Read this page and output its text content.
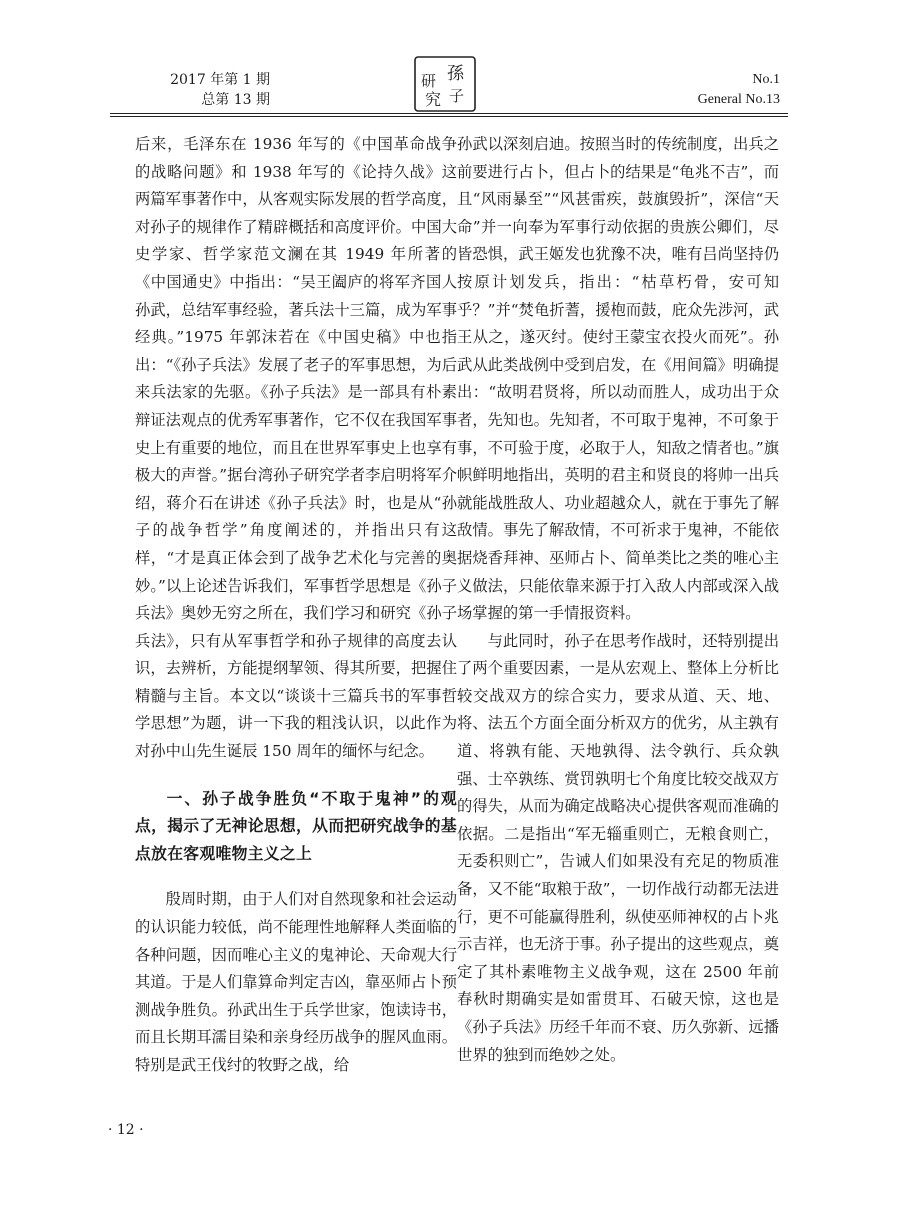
2017 年第 1 期
总第 13 期
孫
研
子
究
No.1
General No.13

后来，毛泽东在 1936 年写的《中国革命战争的战略问题》和 1938 年写的《论持久战》这两篇军事著作中，从客观实际发展的哲学高度，对孙子的规律作了精辟概括和高度评价。中国大史学家、哲学家范文澜在其 1949 年所著的《中国通史》中指出：“吴王阖庐的将军齐国人孙武，总结军事经验，著兵法十三篇，成为军事经典。”1975 年郭沫若在《中国史稿》中也指出：“《孙子兵法》发展了老子的军事思想，为后来兵法家的先驱。《孙子兵法》是一部具有朴素辩证法观点的优秀军事著作，它不仅在我国军事史上有重要的地位，而且在世界军事史上也享有极大的声誉。”据台湾孙子研究学者李启明将军介绍，蒋介石在讲述《孙子兵法》时，也是从“孙子的战争哲学”角度阐述的，并指出只有这样，“才是真正体会到了战争艺术化与完善的奥妙。”以上论述告诉我们，军事哲学思想是《孙子兵法》奥妙无穷之所在，我们学习和研究《孙子兵法》，只有从军事哲学和孙子规律的高度去认识，去辨析，方能提纲挈领、得其所要，把握住精髓与主旨。本文以“谈谈十三篇兵书的军事哲学思想”为题，讲一下我的粗浅认识，以此作为对孙中山先生诞辰 150 周年的缅怀与纪念。

一、孙子战争胜负“不取于鬼神”的观点，揭示了无神论思想，从而把研究战争的基点放在客观唯物主义之上

殷周时期，由于人们对自然现象和社会运动的认识能力较低，尚不能理性地解释人类面临的各种问题，因而唯心主义的鬼神论、天命观大行其道。于是人们靠算命判定吉凶，靠巫师占卜预测战争胜负。孙武出生于兵学世家，饱读诗书，而且长期耳濡目染和亲身经历战争的腥风血雨。特别是武王伐纣的牧野之战，给

孙武以深刻启迪。按照当时的传统制度，出兵之前要进行占卜，但占卜的结果是“龟兆不吉”，而且“风雨暴至”“风甚雷疾，鼓旗毁折”，深信“天命”并一向奉为军事行动依据的贵族公卿们，尽皆恐惧，武王姬发也犹豫不决，唯有吕尚坚持仍按原计划发兵，指出：“枯草朽骨，安可知乎？”并“焚龟折蓍，援枹而鼓，庇众先涉河，武王从之，遂灭纣。使纣王蒙宝衣投火而死”。孙武从此类战例中受到启发，在《用间篇》明确提出：“故明君贤将，所以动而胜人，成功出于众者，先知也。先知者，不可取于鬼神，不可象于事，不可验于度，必取于人，知敌之情者也。”旗帜鲜明地指出，英明的君主和贤良的将帅一出兵就能战胜敌人、功业超越众人，就在于事先了解敌情。事先了解敌情，不可祈求于鬼神，不能依据烧香拜神、巫师占卜、简单类比之类的唯心主义做法，只能依靠来源于打入敌人内部或深入战场掌握的第一手情报资料。

与此同时，孙子在思考作战时，还特别提出了两个重要因素，一是从宏观上、整体上分析比较交战双方的综合实力，要求从道、天、地、将、法五个方面全面分析双方的优劣，从主孰有道、将孰有能、天地孰得、法令孰行、兵众孰强、士卒孰练、赏罚孰明七个角度比较交战双方的得失，从而为确定战略决心提供客观而准确的依据。二是指出“军无辎重则亡，无粮食则亡，无委积则亡”，告诫人们如果没有充足的物质准备，又不能“取粮于敌”，一切作战行动都无法进行，更不可能赢得胜利，纵使巫师神权的占卜兆示吉祥，也无济于事。孙子提出的这些观点，奠定了其朴素唯物主义战争观，这在 2500 年前春秋时期确实是如雷贯耳、石破天惊，这也是《孙子兵法》历经千年而不衰、历久弥新、远播世界的独到而绝妙之处。

· 12 ·
